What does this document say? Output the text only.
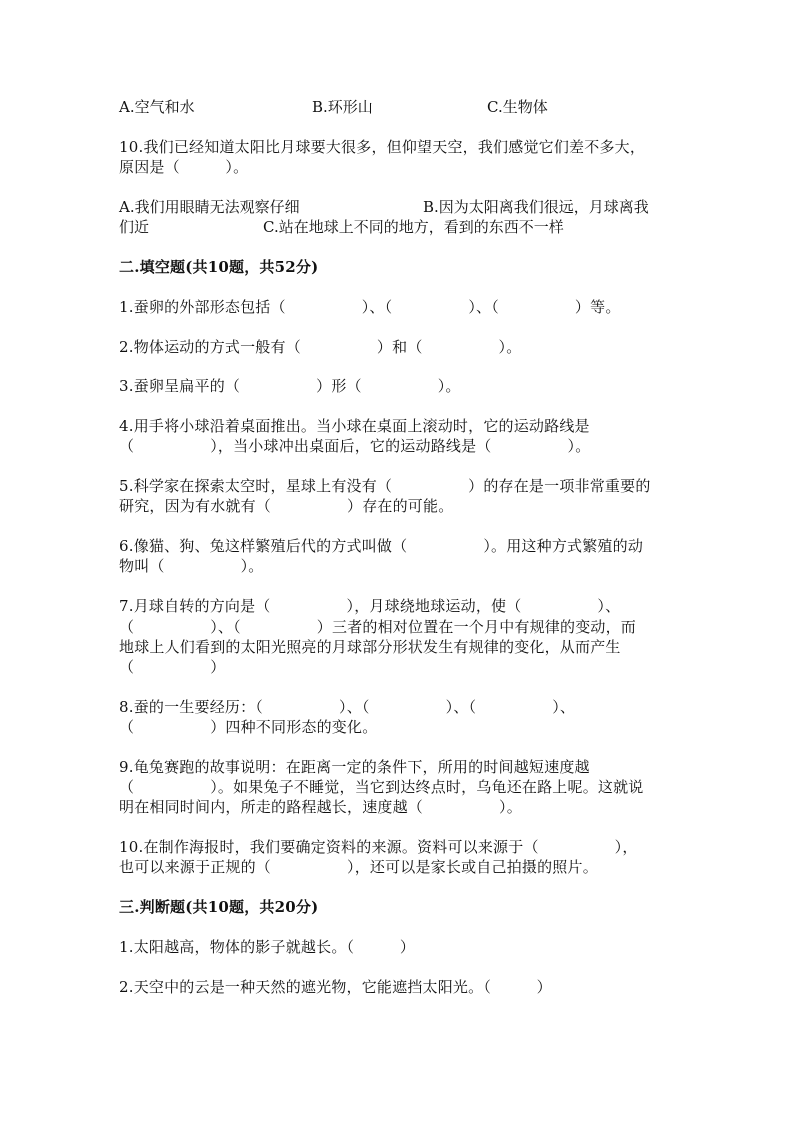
A.空气和水	B.环形山	C.生物体
10.我们已经知道太阳比月球要大很多，但仰望天空，我们感觉它们差不多大，
原因是（　　　）。
A.我们用眼睛无法观察仔细	B.因为太阳离我们很远，月球离我
们近	C.站在地球上不同的地方，看到的东西不一样
二.填空题(共10题，共52分)
1.蚕卵的外部形态包括（　　　　　）、（　　　　　）、（　　　　　）等。
2.物体运动的方式一般有（　　　　　）和（　　　　　）。
3.蚕卵呈扁平的（　　　　　）形（　　　　　）。
4.用手将小球沿着桌面推出。当小球在桌面上滚动时，它的运动路线是
（　　　　　），当小球冲出桌面后，它的运动路线是（　　　　　）。
5.科学家在探索太空时，星球上有没有（　　　　　）的存在是一项非常重要的
研究，因为有水就有（　　　　　）存在的可能。
6.像猫、狗、兔这样繁殖后代的方式叫做（　　　　　）。用这种方式繁殖的动
物叫（　　　　　）。
7.月球自转的方向是（　　　　　），月球绕地球运动，使（　　　　　）、
（　　　　　）、（　　　　　）三者的相对位置在一个月中有规律的变动，而
地球上人们看到的太阳光照亮的月球部分形状发生有规律的变化，从而产生
（　　　　　）
8.蚕的一生要经历：（　　　　　）、（　　　　　）、（　　　　　）、
（　　　　　）四种不同形态的变化。
9.龟兔赛跑的故事说明：在距离一定的条件下，所用的时间越短速度越
（　　　　　）。如果兔子不睡觉，当它到达终点时，乌龟还在路上呢。这就说
明在相同时间内，所走的路程越长，速度越（　　　　　）。
10.在制作海报时，我们要确定资料的来源。资料可以来源于（　　　　　），
也可以来源于正规的（　　　　　），还可以是家长或自己拍摄的照片。
三.判断题(共10题，共20分)
1.太阳越高，物体的影子就越长。（　　　）
2.天空中的云是一种天然的遮光物，它能遮挡太阳光。（　　　）
